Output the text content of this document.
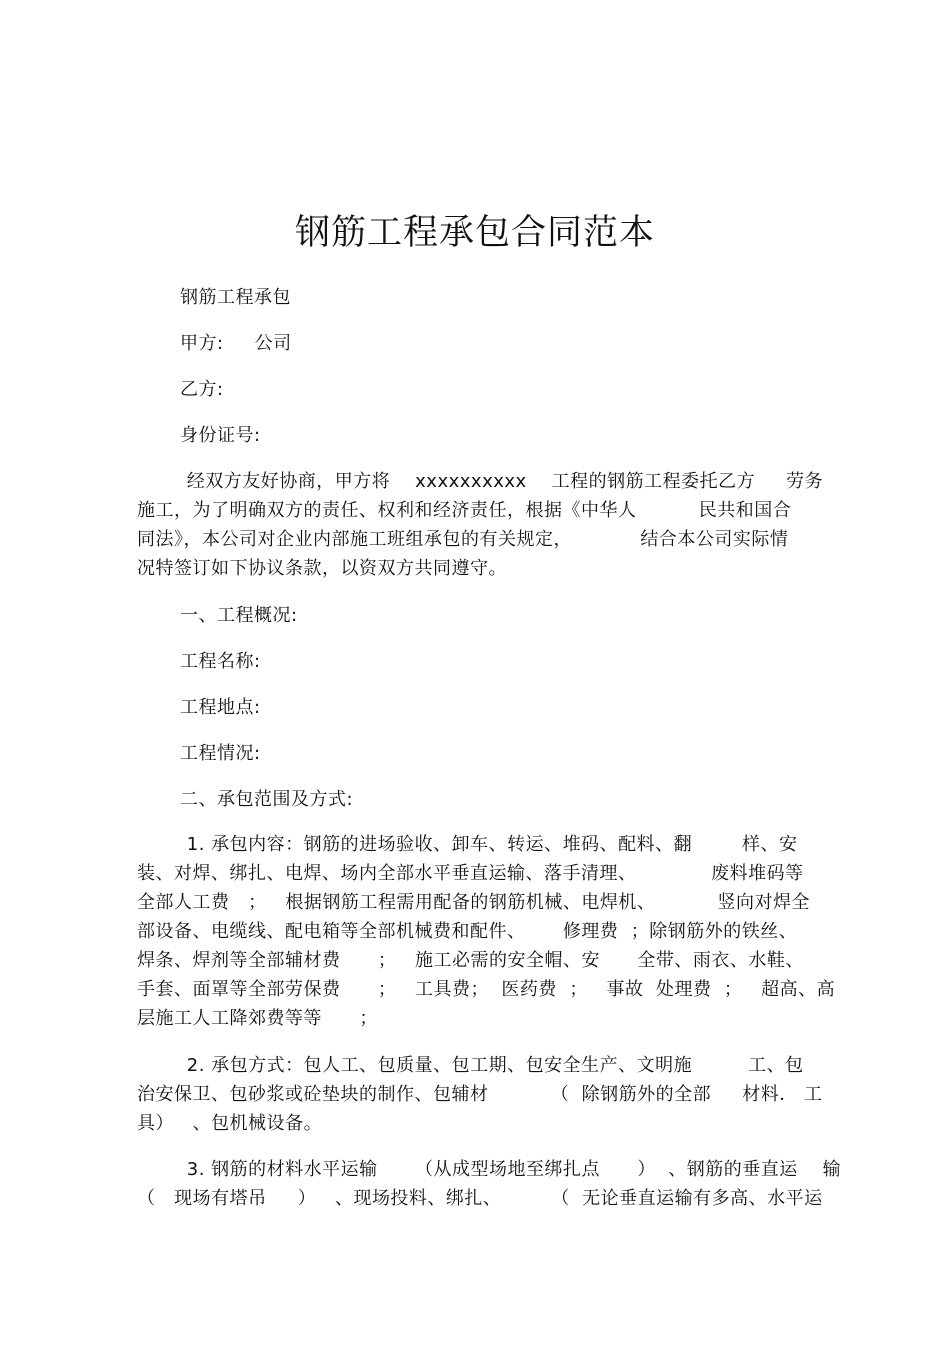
钢筋工程承包合同范本
钢筋工程承包
甲方:     公司
乙方:
身份证号:
经双方友好协商，甲方将    xxxxxxxxxx    工程的钢筋工程委托乙方     劳务
施工，为了明确双方的责任、权利和经济责任，根据《中华人          民共和国合
同法》，本公司对企业内部施工班组承包的有关规定，           结合本公司实际情
况特签订如下协议条款，以资双方共同遵守。
一、工程概况:
工程名称:
工程地点:
工程情况:
二、承包范围及方式:
1. 承包内容：钢筋的进场验收、卸车、转运、堆码、配料、翻        样、安
装、对焊、绑扎、电焊、场内全部水平垂直运输、落手清理、            废料堆码等
全部人工费   ；   根据钢筋工程需用配备的钢筋机械、电焊机、          竖向对焊全
部设备、电缆线、配电箱等全部机械费和配件、      修理费  ；除钢筋外的铁丝、
焊条、焊剂等全部辅材费      ；   施工必需的安全帽、安      全带、雨衣、水鞋、
手套、面罩等全部劳保费      ；   工具费；  医药费  ；   事故  处理费  ；   超高、高
层施工人工降郊费等等      ；
2. 承包方式：包人工、包质量、包工期、包安全生产、文明施         工、包
治安保卫、包砂浆或砼垫块的制作、包辅材          （  除钢筋外的全部     材料． 工
具）   、包机械设备。
3. 钢筋的材料水平运输      （从成型场地至绑扎点      ）  、钢筋的垂直运    输
（   现场有塔吊     ）   、现场投料、绑扎、        （  无论垂直运输有多高、水平运
